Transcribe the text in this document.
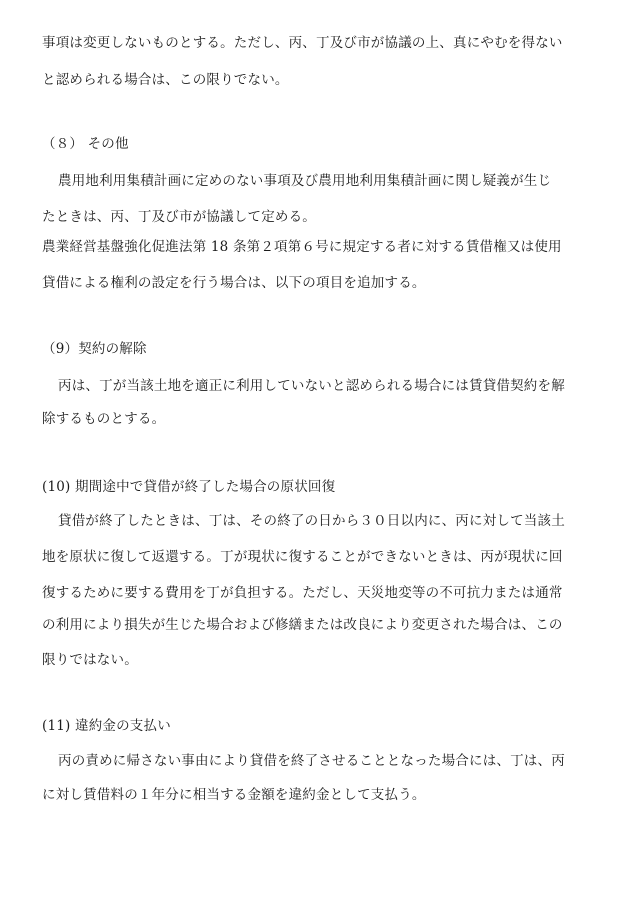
事項は変更しないものとする。ただし、丙、丁及び市が協議の上、真にやむを得ない
と認められる場合は、この限りでない。
（８） その他
農用地利用集積計画に定めのない事項及び農用地利用集積計画に関し疑義が生じ
たときは、丙、丁及び市が協議して定める。
農業経営基盤強化促進法第 18 条第２項第６号に規定する者に対する賃借権又は使用
貸借による権利の設定を行う場合は、以下の項目を追加する。
（9）契約の解除
丙は、丁が当該土地を適正に利用していないと認められる場合には賃貸借契約を解
除するものとする。
(10) 期間途中で貸借が終了した場合の原状回復
貸借が終了したときは、丁は、その終了の日から３０日以内に、丙に対して当該土
地を原状に復して返還する。丁が現状に復することができないときは、丙が現状に回
復するために要する費用を丁が負担する。ただし、天災地変等の不可抗力または通常
の利用により損失が生じた場合および修繕または改良により変更された場合は、この
限りではない。
(11) 違約金の支払い
丙の責めに帰さない事由により貸借を終了させることとなった場合には、丁は、丙
に対し賃借料の１年分に相当する金額を違約金として支払う。
